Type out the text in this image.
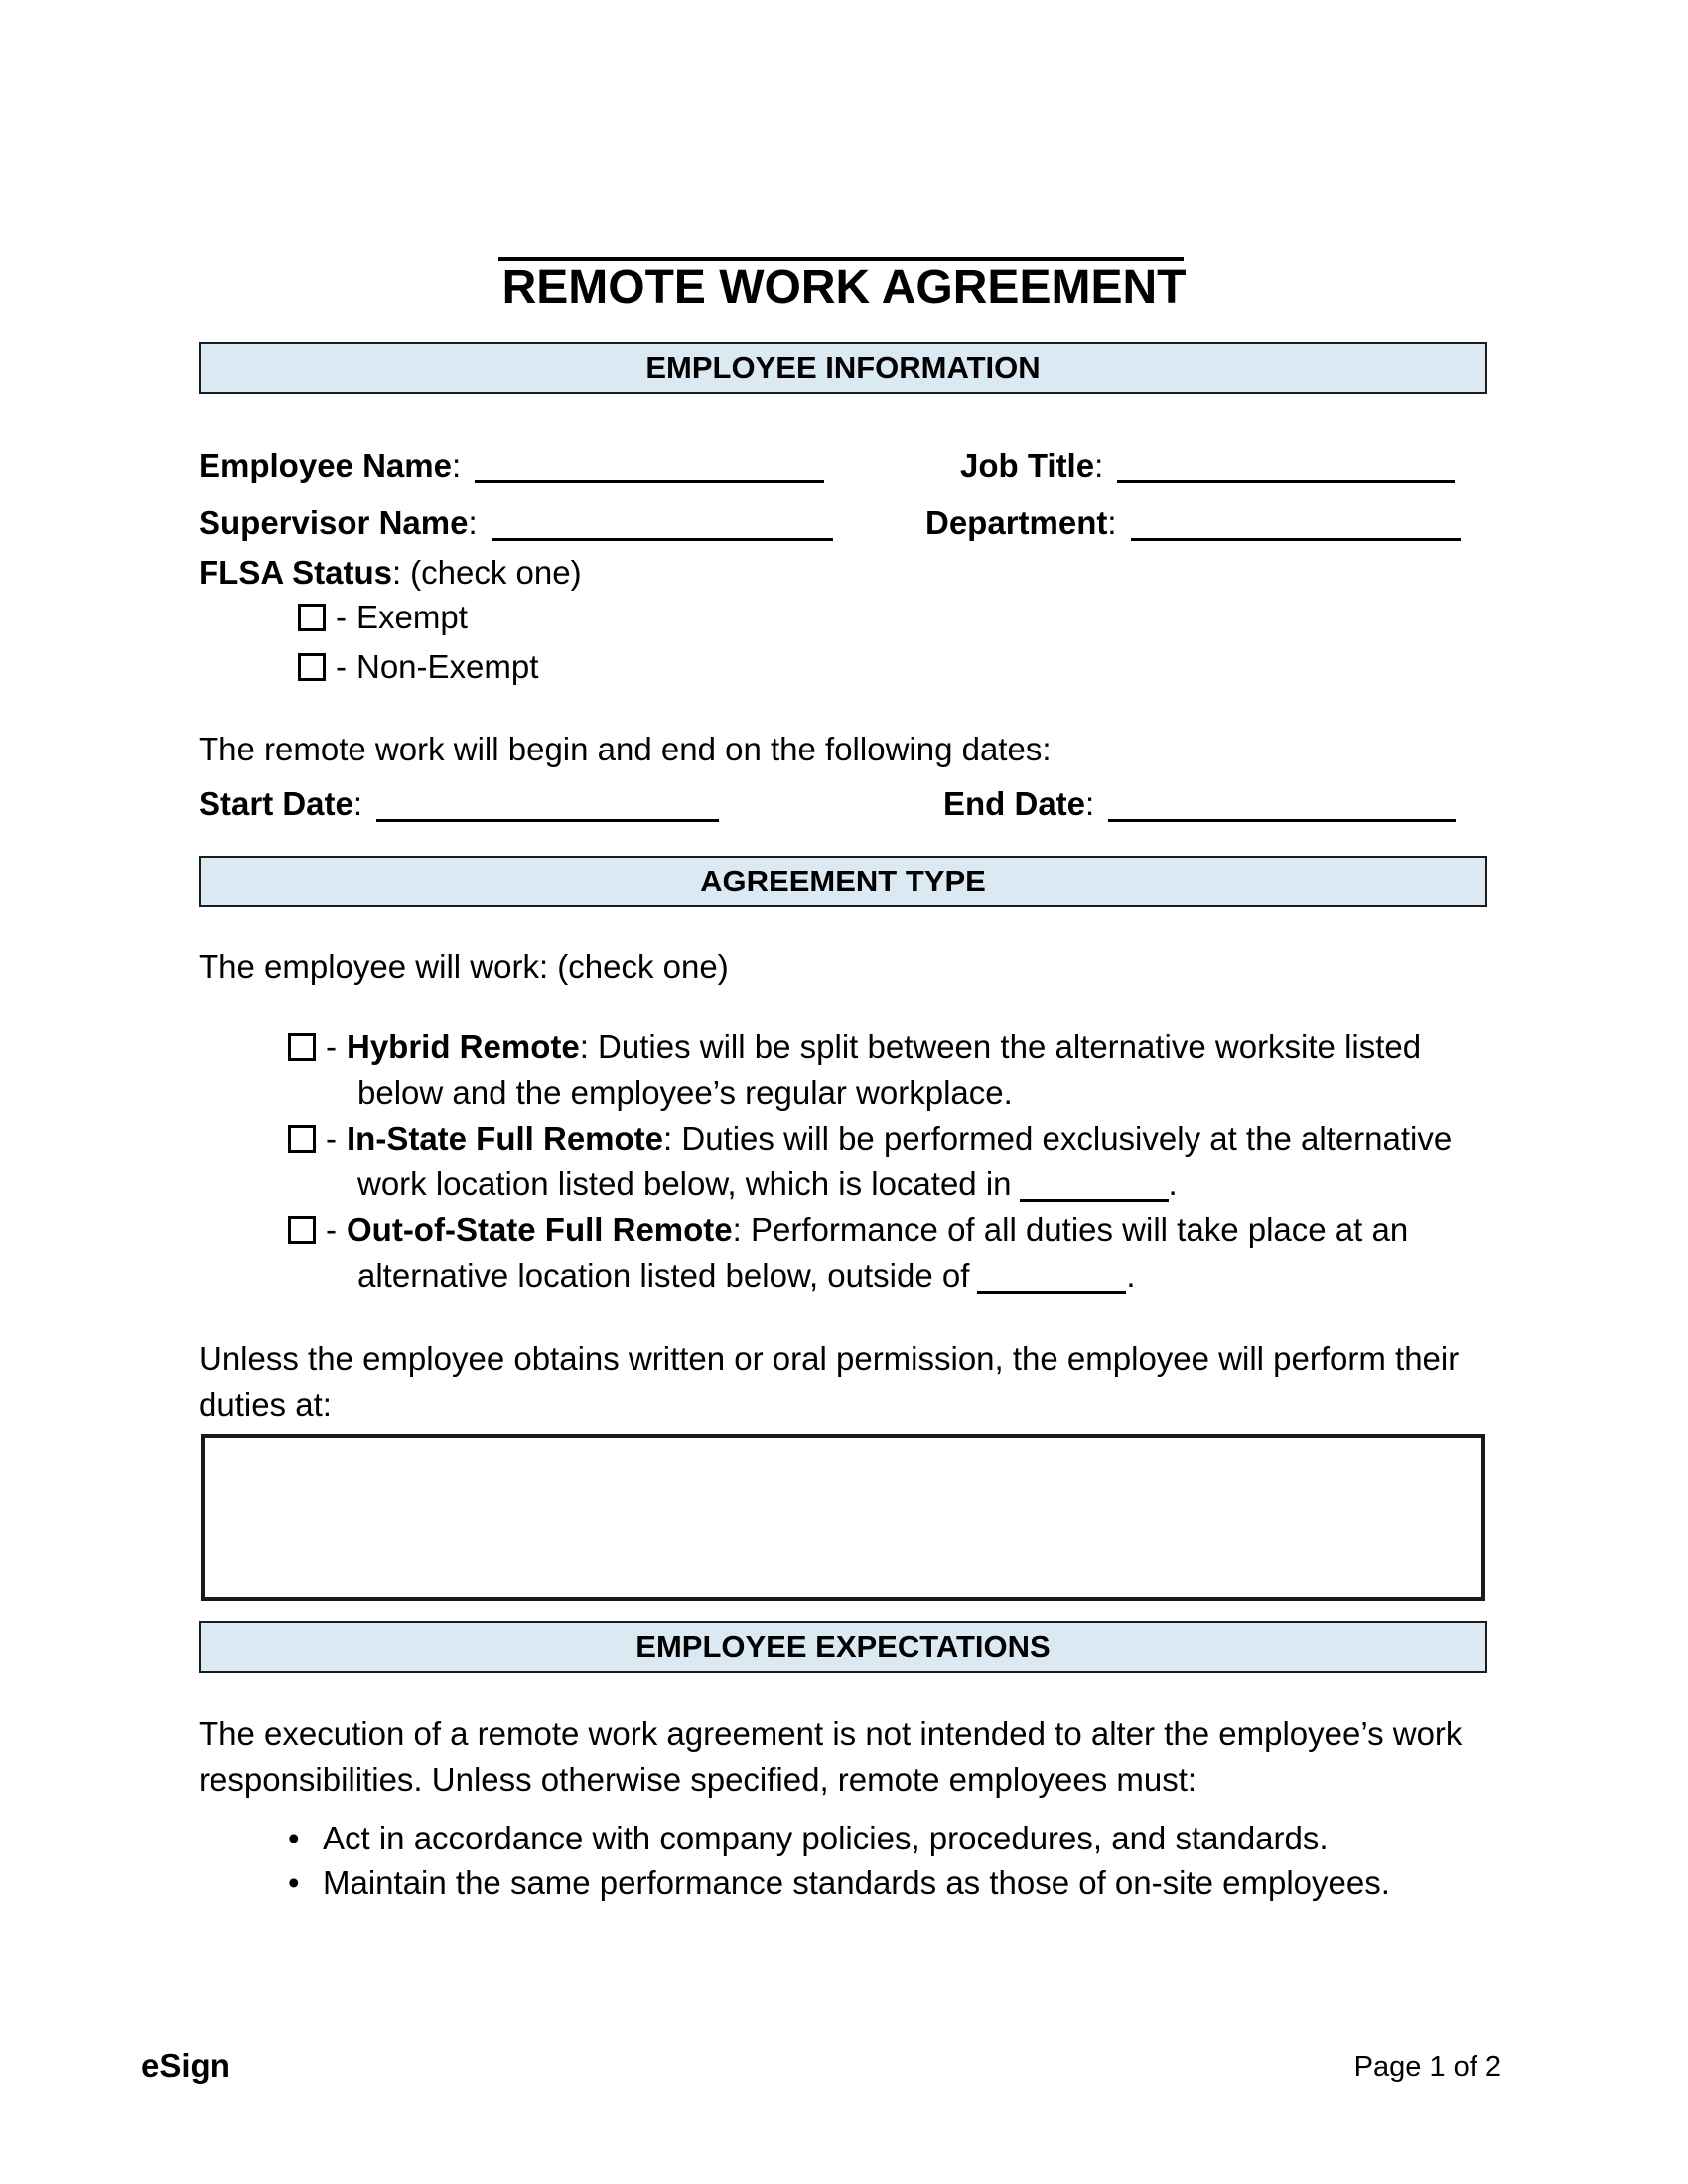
REMOTE WORK AGREEMENT
EMPLOYEE INFORMATION
Employee Name:	Job Title:
Supervisor Name:	Department:
FLSA Status: (check one)
- Exempt
- Non-Exempt
The remote work will begin and end on the following dates:
Start Date:	End Date:
AGREEMENT TYPE
The employee will work: (check one)
- Hybrid Remote: Duties will be split between the alternative worksite listed
below and the employee’s regular workplace.
- In-State Full Remote: Duties will be performed exclusively at the alternative
work location listed below, which is located in	.
- Out-of-State Full Remote: Performance of all duties will take place at an
alternative location listed below, outside of	.
Unless the employee obtains written or oral permission, the employee will perform their
duties at:
EMPLOYEE EXPECTATIONS
The execution of a remote work agreement is not intended to alter the employee’s work
responsibilities. Unless otherwise specified, remote employees must:
• Act in accordance with company policies, procedures, and standards.
• Maintain the same performance standards as those of on-site employees.
eSign	Page 1 of 2
